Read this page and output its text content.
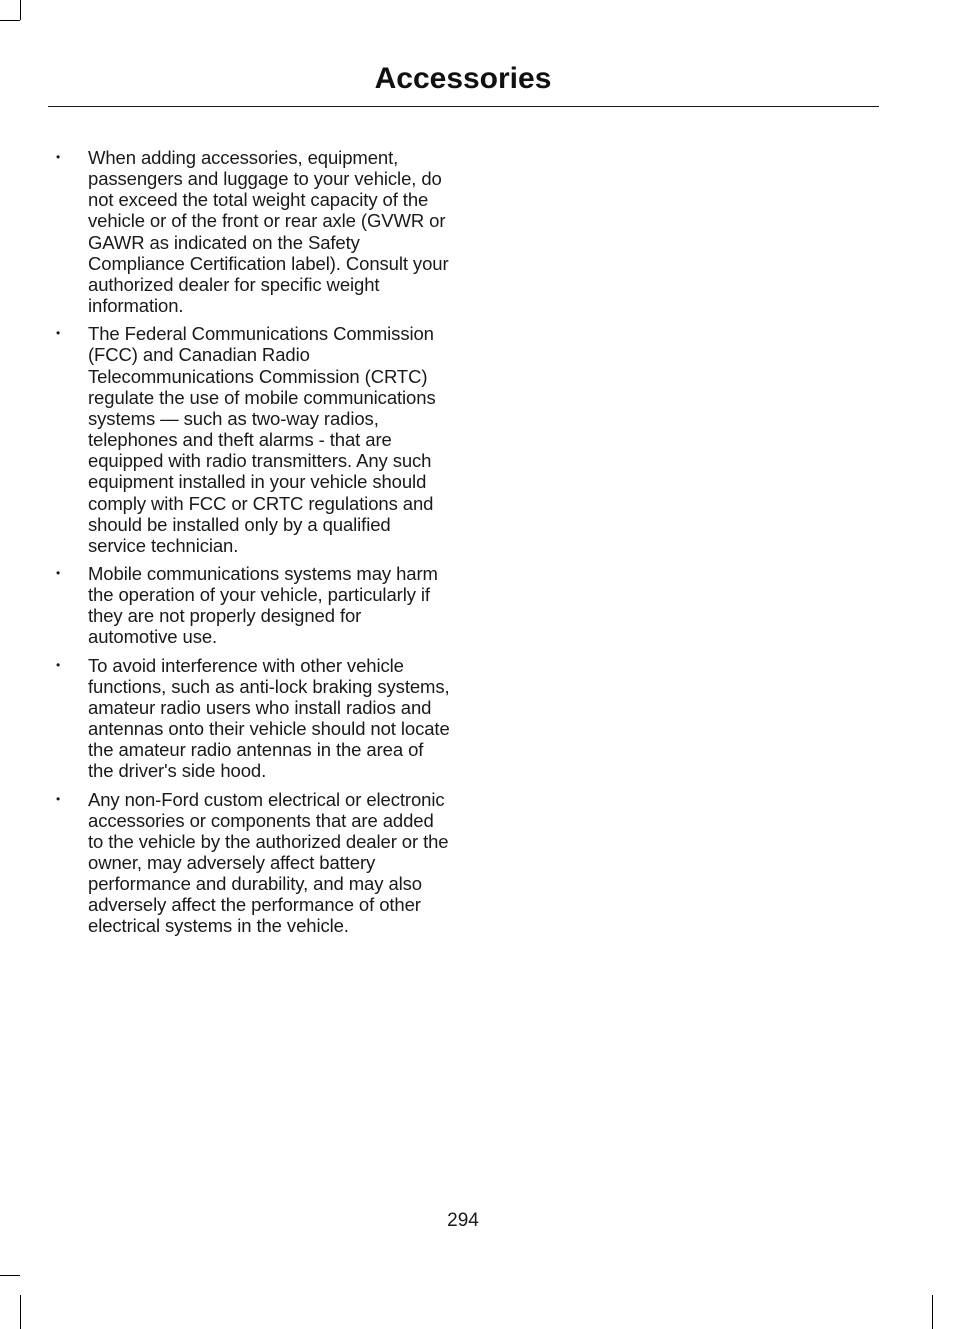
Accessories
• When adding accessories, equipment, passengers and luggage to your vehicle, do not exceed the total weight capacity of the vehicle or of the front or rear axle (GVWR or GAWR as indicated on the Safety Compliance Certification label). Consult your authorized dealer for specific weight information.
• The Federal Communications Commission (FCC) and Canadian Radio Telecommunications Commission (CRTC) regulate the use of mobile communications systems — such as two-way radios, telephones and theft alarms - that are equipped with radio transmitters. Any such equipment installed in your vehicle should comply with FCC or CRTC regulations and should be installed only by a qualified service technician.
• Mobile communications systems may harm the operation of your vehicle, particularly if they are not properly designed for automotive use.
• To avoid interference with other vehicle functions, such as anti-lock braking systems, amateur radio users who install radios and antennas onto their vehicle should not locate the amateur radio antennas in the area of the driver's side hood.
• Any non-Ford custom electrical or electronic accessories or components that are added to the vehicle by the authorized dealer or the owner, may adversely affect battery performance and durability, and may also adversely affect the performance of other electrical systems in the vehicle.
294
